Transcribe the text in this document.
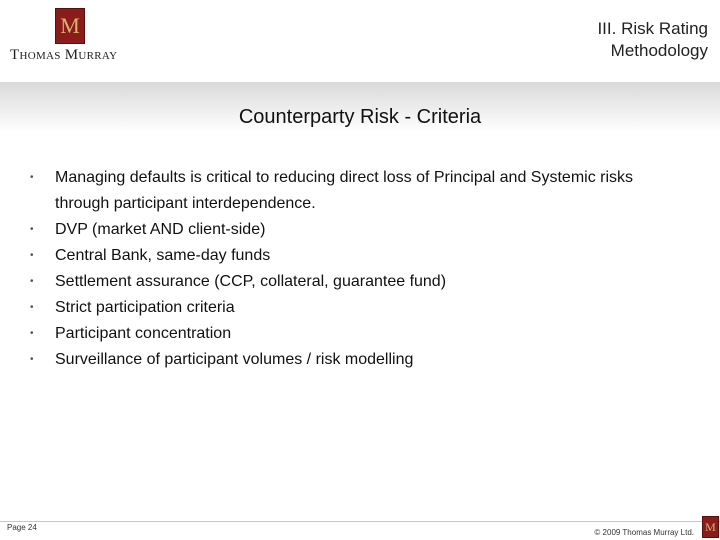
M
Thomas Murray
III. Risk Rating
Methodology
Counterparty Risk - Criteria
• Managing defaults is critical to reducing direct loss of Principal and Systemic risks through participant interdependence.
• DVP (market AND client-side)
• Central Bank, same-day funds
• Settlement assurance (CCP, collateral, guarantee fund)
• Strict participation criteria
• Participant concentration
• Surveillance of participant volumes / risk modelling
Page 24
© 2009 Thomas Murray Ltd. M
